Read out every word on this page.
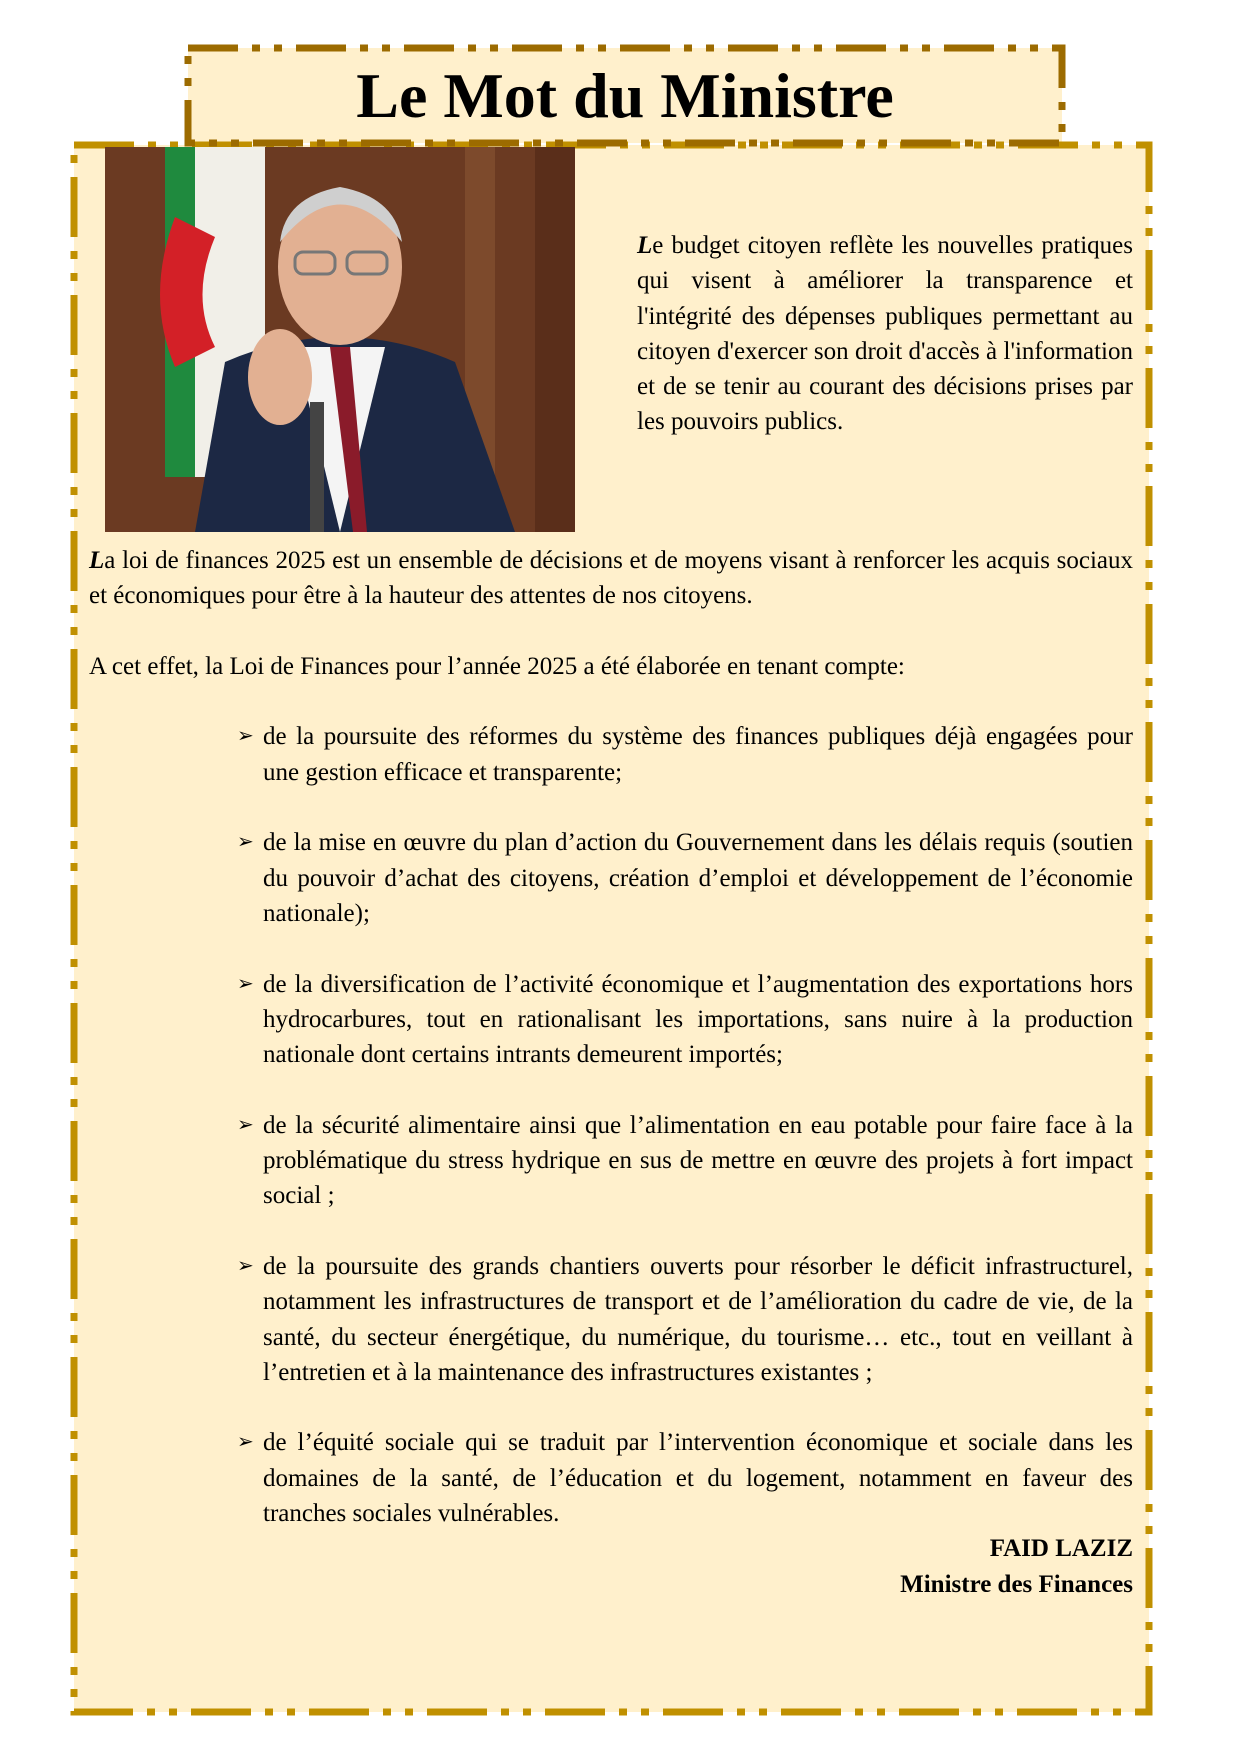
Le Mot du Ministre
Le budget citoyen reflète les nouvelles pratiques qui visent à améliorer la transparence et l'intégrité des dépenses publiques permettant au citoyen d'exercer son droit d'accès à l'information et de se tenir au courant des décisions prises par les pouvoirs publics.

La loi de finances 2025 est un ensemble de décisions et de moyens visant à renforcer les acquis sociaux et économiques pour être à la hauteur des attentes de nos citoyens.

A cet effet, la Loi de Finances pour l’année 2025 a été élaborée en tenant compte:

➢ de la poursuite des réformes du système des finances publiques déjà engagées pour une gestion efficace et transparente;
➢ de la mise en œuvre du plan d’action du Gouvernement dans les délais requis (soutien du pouvoir d’achat des citoyens, création d’emploi et développement de l’économie nationale);
➢ de la diversification de l’activité économique et l’augmentation des exportations hors hydrocarbures, tout en rationalisant les importations, sans nuire à la production nationale dont certains intrants demeurent importés;
➢ de la sécurité alimentaire ainsi que l’alimentation en eau potable pour faire face à la problématique du stress hydrique en sus de mettre en œuvre des projets à fort impact social ;
➢ de la poursuite des grands chantiers ouverts pour résorber le déficit infrastructurel, notamment les infrastructures de transport et de l’amélioration du cadre de vie, de la santé, du secteur énergétique, du numérique, du tourisme… etc., tout en veillant à l’entretien et à la maintenance des infrastructures existantes ;
➢ de l’équité sociale qui se traduit par l’intervention économique et sociale dans les domaines de la santé, de l’éducation et du logement, notamment en faveur des tranches sociales vulnérables.
FAID LAZIZ
Ministre des Finances
